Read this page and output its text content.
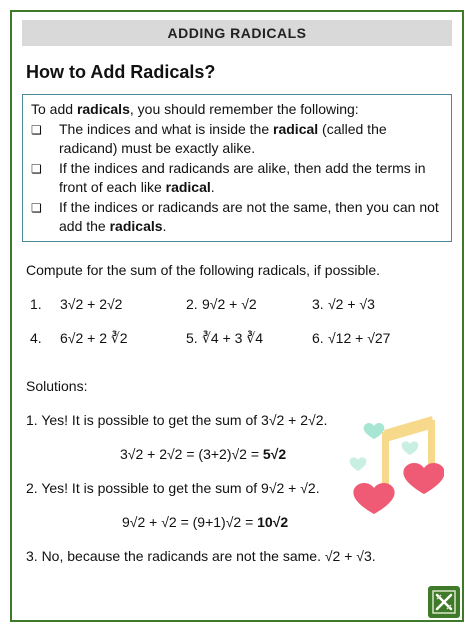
ADDING RADICALS
How to Add Radicals?
To add radicals, you should remember the following:
❏	The indices and what is inside the radical (called the radicand) must be exactly alike.
❏	If the indices and radicands are alike, then add the terms in front of each like radical.
❏	If the indices or radicands are not the same, then you can not add the radicals.
Compute for the sum of the following radicals, if possible.
1.	3√2 + 2√2	2. 9√2 + √2	3. √2 + √3
4.	6√2 + 2 ∛2	5. ∛4 + 3 ∛4	6. √12 + √27
Solutions:
1. Yes! It is possible to get the sum of 3√2 + 2√2.
3√2 + 2√2 = (3+2)√2 = 5√2
2. Yes! It is possible to get the sum of 9√2 + √2.
9√2 + √2 = (9+1)√2 = 10√2
3. No, because the radicands are not the same. √2 + √3.
